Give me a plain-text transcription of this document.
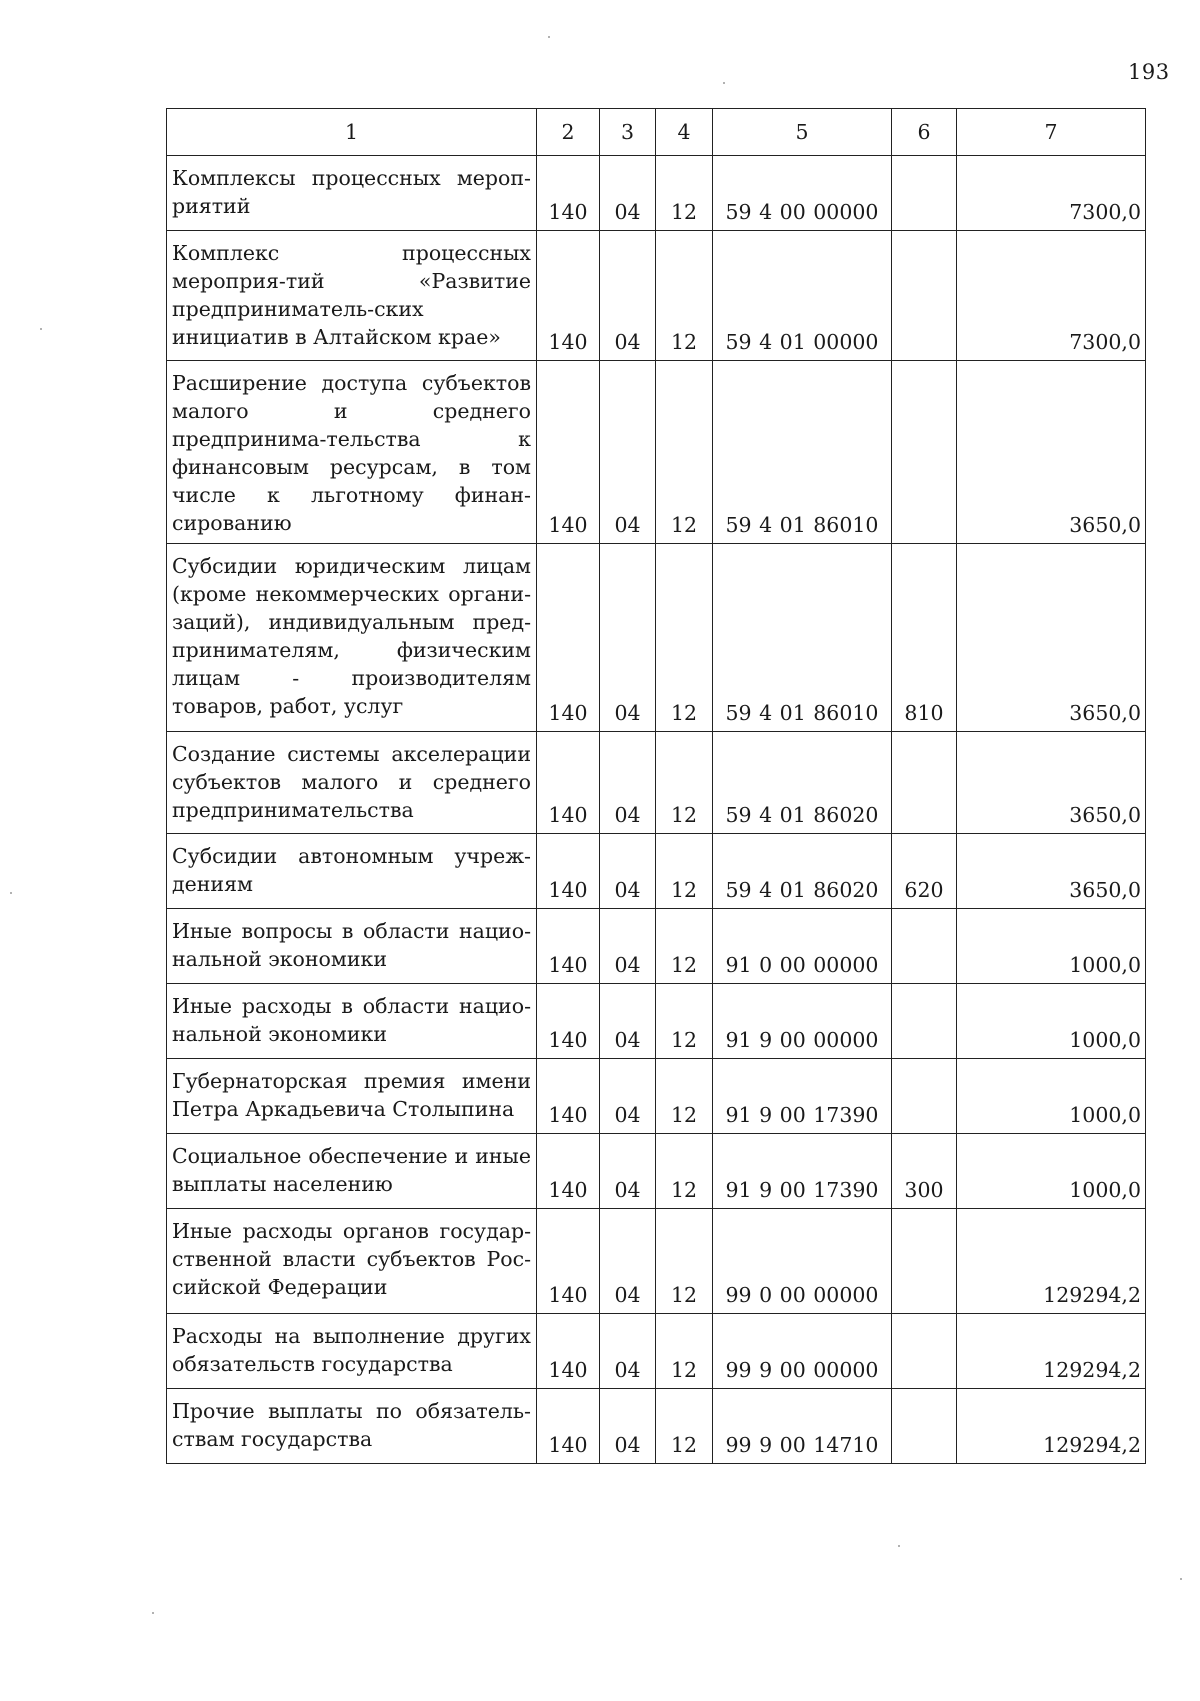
193
1	2	3	4	5	6	7
Комплексы процессных мероп-риятий	140	04	12	59 4 00 00000		7300,0
Комплекс процессных мероприя-тий «Развитие предприниматель-ских инициатив в Алтайском крае»	140	04	12	59 4 01 00000		7300,0
Расширение доступа субъектов малого и среднего предпринима-тельства к финансовым ресурсам, в том числе к льготному финан-сированию	140	04	12	59 4 01 86010		3650,0
Субсидии юридическим лицам (кроме некоммерческих органи-заций), индивидуальным пред-принимателям, физическим лицам - производителям товаров, работ, услуг	140	04	12	59 4 01 86010	810	3650,0
Создание системы акселерации субъектов малого и среднего предпринимательства	140	04	12	59 4 01 86020		3650,0
Субсидии автономным учреж-дениям	140	04	12	59 4 01 86020	620	3650,0
Иные вопросы в области нацио-нальной экономики	140	04	12	91 0 00 00000		1000,0
Иные расходы в области нацио-нальной экономики	140	04	12	91 9 00 00000		1000,0
Губернаторская премия имени Петра Аркадьевича Столыпина	140	04	12	91 9 00 17390		1000,0
Социальное обеспечение и иные выплаты населению	140	04	12	91 9 00 17390	300	1000,0
Иные расходы органов государ-ственной власти субъектов Рос-сийской Федерации	140	04	12	99 0 00 00000		129294,2
Расходы на выполнение других обязательств государства	140	04	12	99 9 00 00000		129294,2
Прочие выплаты по обязатель-ствам государства	140	04	12	99 9 00 14710		129294,2
